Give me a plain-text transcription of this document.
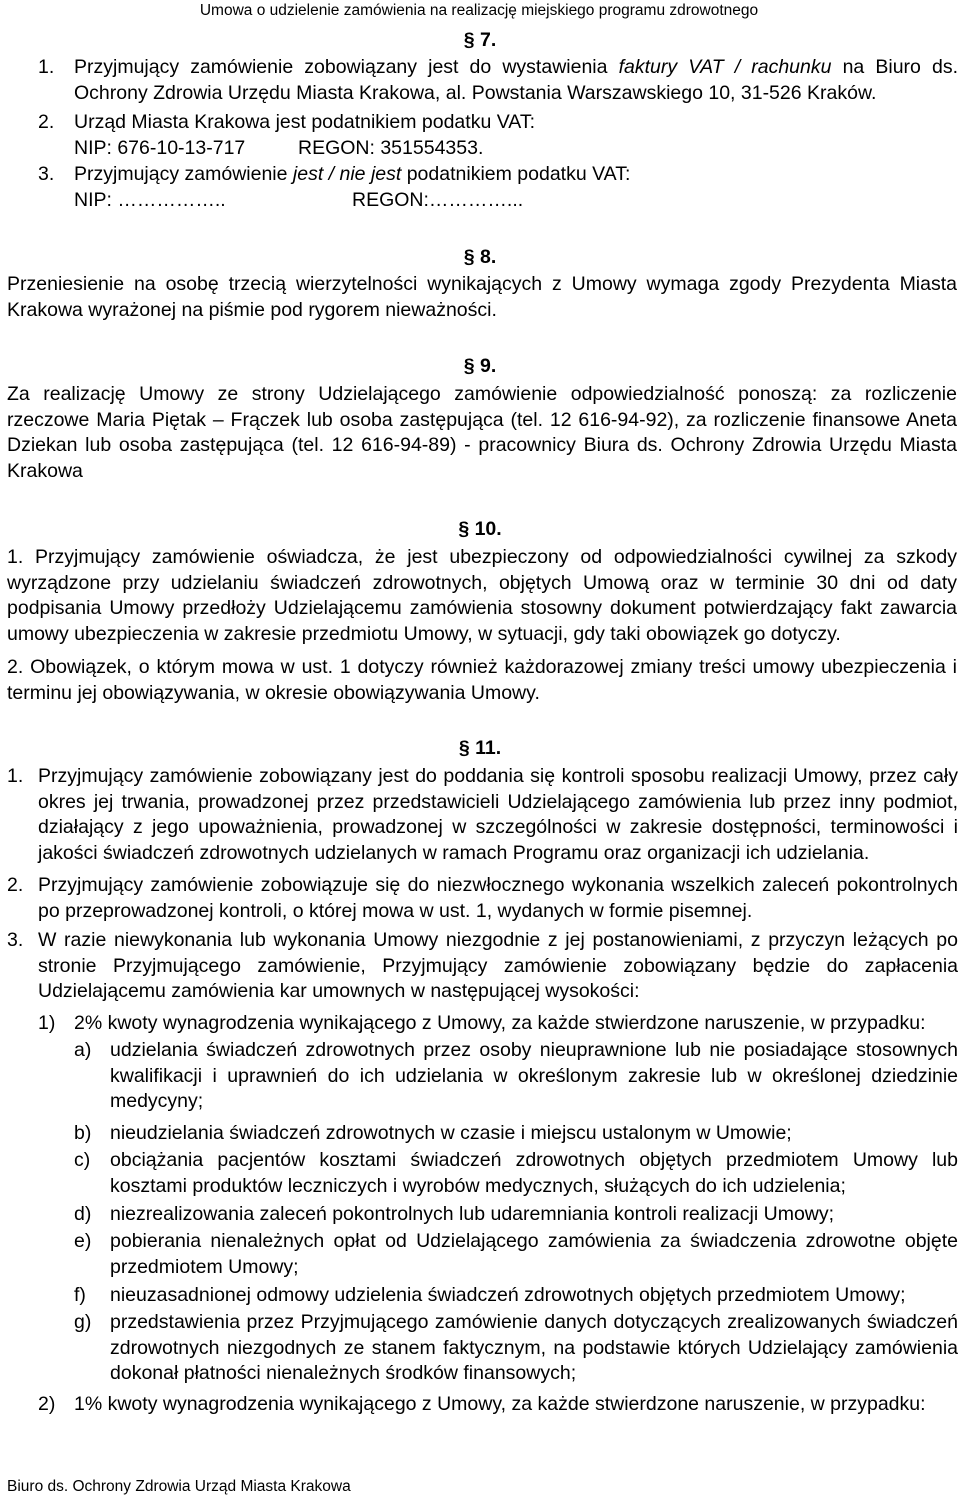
Umowa o udzielenie zamówienia na realizację miejskiego programu zdrowotnego
§ 7.
1. Przyjmujący zamówienie zobowiązany jest do wystawienia faktury VAT / rachunku na Biuro ds. Ochrony Zdrowia Urzędu Miasta Krakowa, al. Powstania Warszawskiego 10, 31-526 Kraków.
2. Urząd Miasta Krakowa jest podatnikiem podatku VAT:
NIP: 676-10-13-717	REGON: 351554353.
3. Przyjmujący zamówienie jest / nie jest podatnikiem podatku VAT:
NIP: ……………..	REGON:…………...
§ 8.
Przeniesienie na osobę trzecią wierzytelności wynikających z Umowy wymaga zgody Prezydenta Miasta Krakowa wyrażonej na piśmie pod rygorem nieważności.
§ 9.
Za realizację Umowy ze strony Udzielającego zamówienie odpowiedzialność ponoszą: za rozliczenie rzeczowe Maria Piętak – Frączek lub osoba zastępująca (tel. 12 616-94-92), za rozliczenie finansowe Aneta Dziekan lub osoba zastępująca (tel. 12 616-94-89) - pracownicy Biura ds. Ochrony Zdrowia Urzędu Miasta Krakowa
§ 10.
1. Przyjmujący zamówienie oświadcza, że jest ubezpieczony od odpowiedzialności cywilnej za szkody wyrządzone przy udzielaniu świadczeń zdrowotnych, objętych Umową oraz w terminie 30 dni od daty podpisania Umowy przedłoży Udzielającemu zamówienia stosowny dokument potwierdzający fakt zawarcia umowy ubezpieczenia w zakresie przedmiotu Umowy, w sytuacji, gdy taki obowiązek go dotyczy.
2. Obowiązek, o którym mowa w ust. 1 dotyczy również każdorazowej zmiany treści umowy ubezpieczenia i terminu jej obowiązywania, w okresie obowiązywania Umowy.
§ 11.
1. Przyjmujący zamówienie zobowiązany jest do poddania się kontroli sposobu realizacji Umowy, przez cały okres jej trwania, prowadzonej przez przedstawicieli Udzielającego zamówienia lub przez inny podmiot, działający z jego upoważnienia, prowadzonej w szczególności w zakresie dostępności, terminowości i jakości świadczeń zdrowotnych udzielanych w ramach Programu oraz organizacji ich udzielania.
2. Przyjmujący zamówienie zobowiązuje się do niezwłocznego wykonania wszelkich zaleceń pokontrolnych po przeprowadzonej kontroli, o której mowa w ust. 1, wydanych w formie pisemnej.
3. W razie niewykonania lub wykonania Umowy niezgodnie z jej postanowieniami, z przyczyn leżących po stronie Przyjmującego zamówienie, Przyjmujący zamówienie zobowiązany będzie do zapłacenia Udzielającemu zamówienia kar umownych w następującej wysokości:
1) 2% kwoty wynagrodzenia wynikającego z Umowy, za każde stwierdzone naruszenie, w przypadku:
a) udzielania świadczeń zdrowotnych przez osoby nieuprawnione lub nie posiadające stosownych kwalifikacji i uprawnień do ich udzielania w określonym zakresie lub w określonej dziedzinie medycyny;
b) nieudzielania świadczeń zdrowotnych w czasie i miejscu ustalonym w Umowie;
c) obciążania pacjentów kosztami świadczeń zdrowotnych objętych przedmiotem Umowy lub kosztami produktów leczniczych i wyrobów medycznych, służących do ich udzielenia;
d) niezrealizowania zaleceń pokontrolnych lub udaremniania kontroli realizacji Umowy;
e) pobierania nienależnych opłat od Udzielającego zamówienia za świadczenia zdrowotne objęte przedmiotem Umowy;
f) nieuzasadnionej odmowy udzielenia świadczeń zdrowotnych objętych przedmiotem Umowy;
g) przedstawienia przez Przyjmującego zamówienie danych dotyczących zrealizowanych świadczeń zdrowotnych niezgodnych ze stanem faktycznym, na podstawie których Udzielający zamówienia dokonał płatności nienależnych środków finansowych;
2) 1% kwoty wynagrodzenia wynikającego z Umowy, za każde stwierdzone naruszenie, w przypadku:
Biuro ds. Ochrony Zdrowia Urząd Miasta Krakowa
